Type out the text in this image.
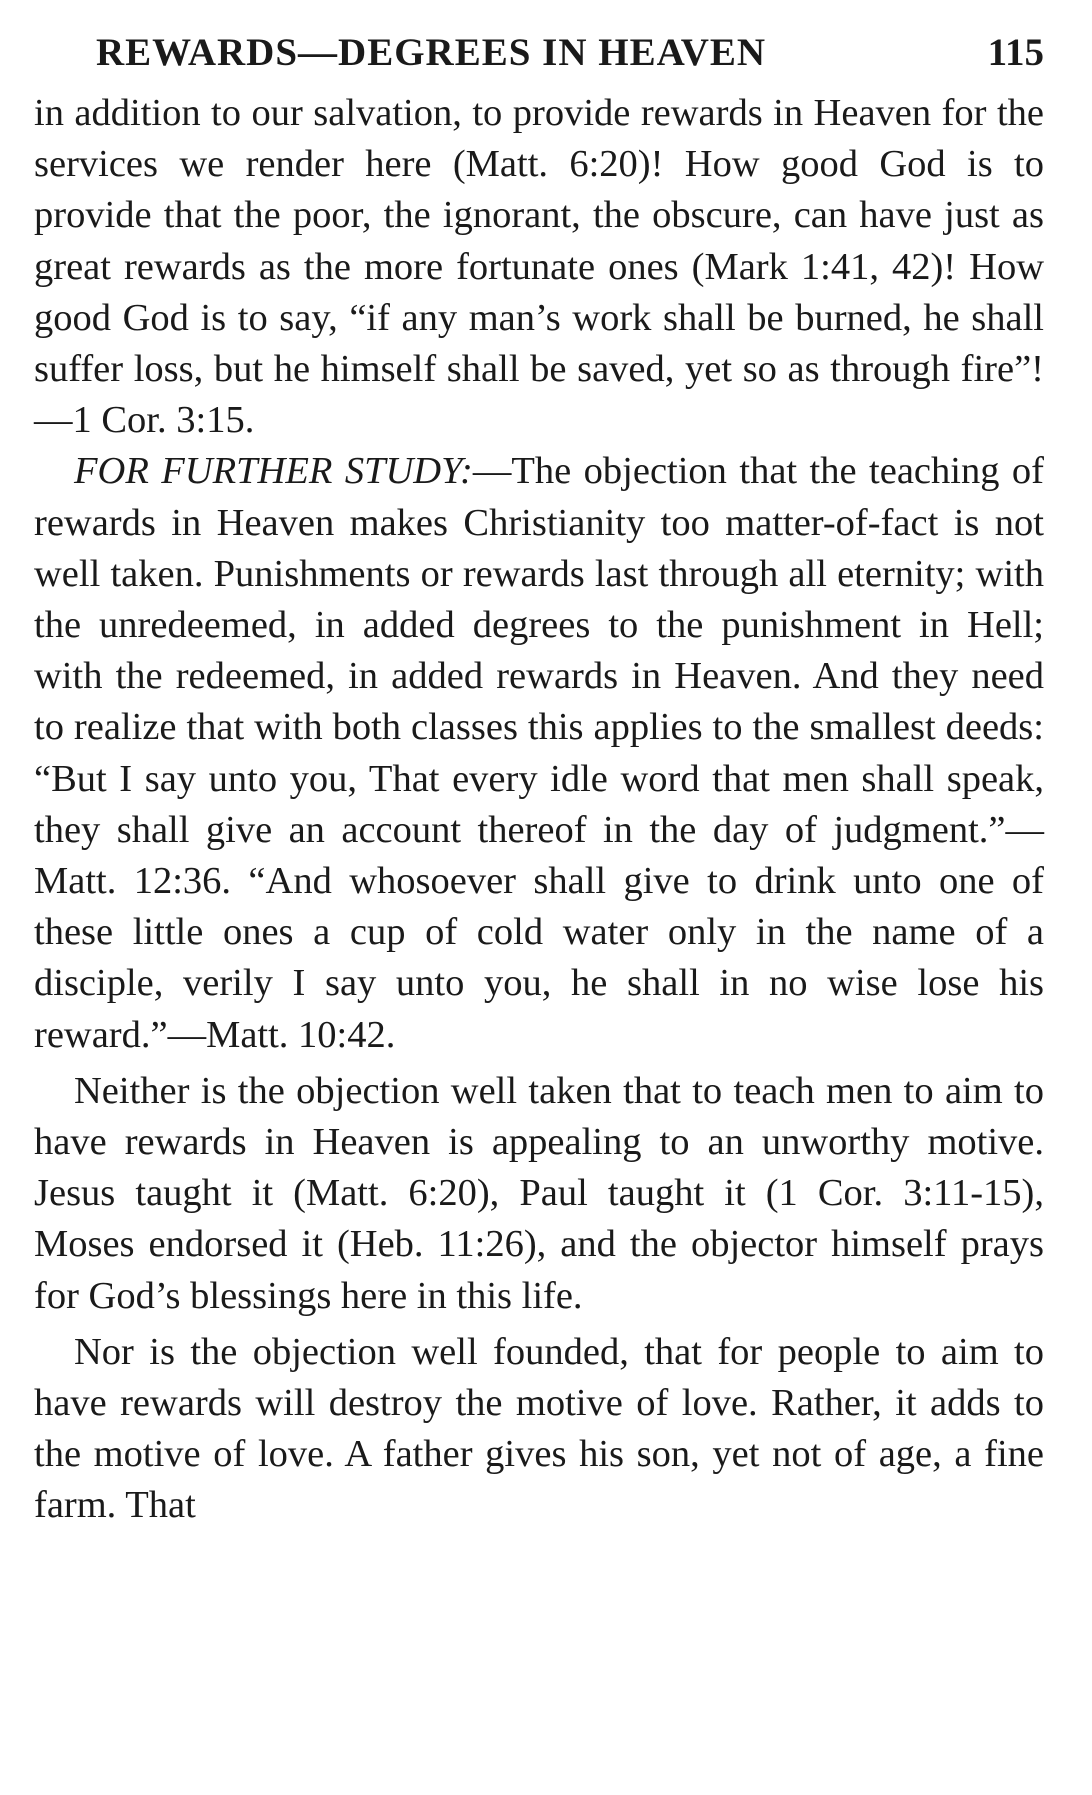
REWARDS—DEGREES IN HEAVEN	115

in addition to our salvation, to provide rewards in Heaven for the services we render here (Matt. 6:20)! How good God is to provide that the poor, the ignorant, the obscure, can have just as great rewards as the more fortunate ones (Mark 1:41, 42)! How good God is to say, “if any man’s work shall be burned, he shall suffer loss, but he himself shall be saved, yet so as through fire”!—1 Cor. 3:15.

FOR FURTHER STUDY:—The objection that the teaching of rewards in Heaven makes Christianity too matter-of-fact is not well taken. Punishments or rewards last through all eternity; with the unredeemed, in added degrees to the punishment in Hell; with the redeemed, in added rewards in Heaven. And they need to realize that with both classes this applies to the smallest deeds: “But I say unto you, That every idle word that men shall speak, they shall give an account thereof in the day of judgment.”—Matt. 12:36. “And whosoever shall give to drink unto one of these little ones a cup of cold water only in the name of a disciple, verily I say unto you, he shall in no wise lose his reward.”—Matt. 10:42.

Neither is the objection well taken that to teach men to aim to have rewards in Heaven is appealing to an unworthy motive. Jesus taught it (Matt. 6:20), Paul taught it (1 Cor. 3:11-15), Moses endorsed it (Heb. 11:26), and the objector himself prays for God’s blessings here in this life.

Nor is the objection well founded, that for people to aim to have rewards will destroy the motive of love. Rather, it adds to the motive of love. A father gives his son, yet not of age, a fine farm. That
